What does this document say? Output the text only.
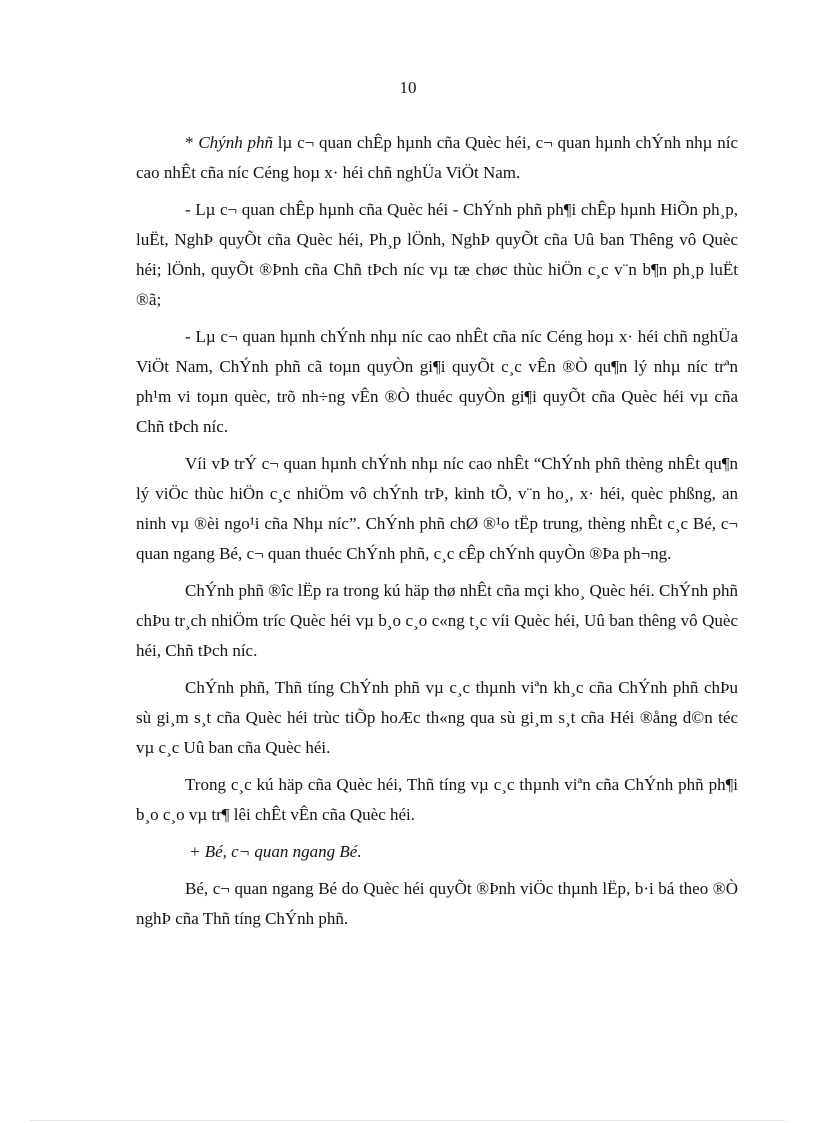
10

* Chýnh phñ lµ c¬ quan chÊp hµnh cña Quèc héi, c¬ quan hµnh chÝnh nhµ níc cao nhÊt cña níc Céng hoµ x· héi chñ nghÜa ViÖt Nam.

- Lµ c¬ quan chÊp hµnh cña Quèc héi - ChÝnh phñ ph¶i chÊp hµnh HiÕn ph¸p, luËt, NghÞ quyÕt cña Quèc héi, Ph¸p lÖnh, NghÞ quyÕt cña Uû ban Thêng vô Quèc héi; lÖnh, quyÕt ®Þnh cña Chñ tÞch níc vµ tæ chøc thùc hiÖn c¸c v¨n b¶n ph¸p luËt ®ã;

- Lµ c¬ quan hµnh chÝnh nhµ níc cao nhÊt cña níc Céng hoµ x· héi chñ nghÜa ViÖt Nam, ChÝnh phñ cã toµn quyÒn gi¶i quyÕt c¸c vÊn ®Ò qu¶n lý nhµ níc trªn ph¹m vi toµn quèc, trõ nh÷ng vÊn ®Ò thuéc quyÒn gi¶i quyÕt cña Quèc héi vµ cña Chñ tÞch níc.

Víi vÞ trÝ c¬ quan hµnh chÝnh nhµ níc cao nhÊt “ChÝnh phñ thèng nhÊt qu¶n lý viÖc thùc hiÖn c¸c nhiÖm vô chÝnh trÞ, kinh tÕ, v¨n ho¸, x· héi, quèc phßng, an ninh vµ ®èi ngo¹i cña Nhµ níc”. ChÝnh phñ chØ ®¹o tËp trung, thèng nhÊt c¸c Bé, c¬ quan ngang Bé, c¬ quan thuéc ChÝnh phñ, c¸c cÊp chÝnh quyÒn ®Þa ph¬ng.

ChÝnh phñ ®îc lËp ra trong kú häp thø nhÊt cña mçi kho¸ Quèc héi. ChÝnh phñ chÞu tr¸ch nhiÖm tríc Quèc héi vµ b¸o c¸o c«ng t¸c víi Quèc héi, Uû ban thêng vô Quèc héi, Chñ tÞch níc.

ChÝnh phñ, Thñ tíng ChÝnh phñ vµ c¸c thµnh viªn kh¸c cña ChÝnh phñ chÞu sù gi¸m s¸t cña Quèc héi trùc tiÕp hoÆc th«ng qua sù gi¸m s¸t cña Héi ®ång d©n téc vµ c¸c Uû ban cña Quèc héi.

Trong c¸c kú häp cña Quèc héi, Thñ tíng vµ c¸c thµnh viªn cña ChÝnh phñ ph¶i b¸o c¸o vµ tr¶ lêi chÊt vÊn cña Quèc héi.

+ Bé, c¬ quan ngang Bé.

Bé, c¬ quan ngang Bé do Quèc héi quyÕt ®Þnh viÖc thµnh lËp, b·i bá theo ®Ò nghÞ cña Thñ tíng ChÝnh phñ.
